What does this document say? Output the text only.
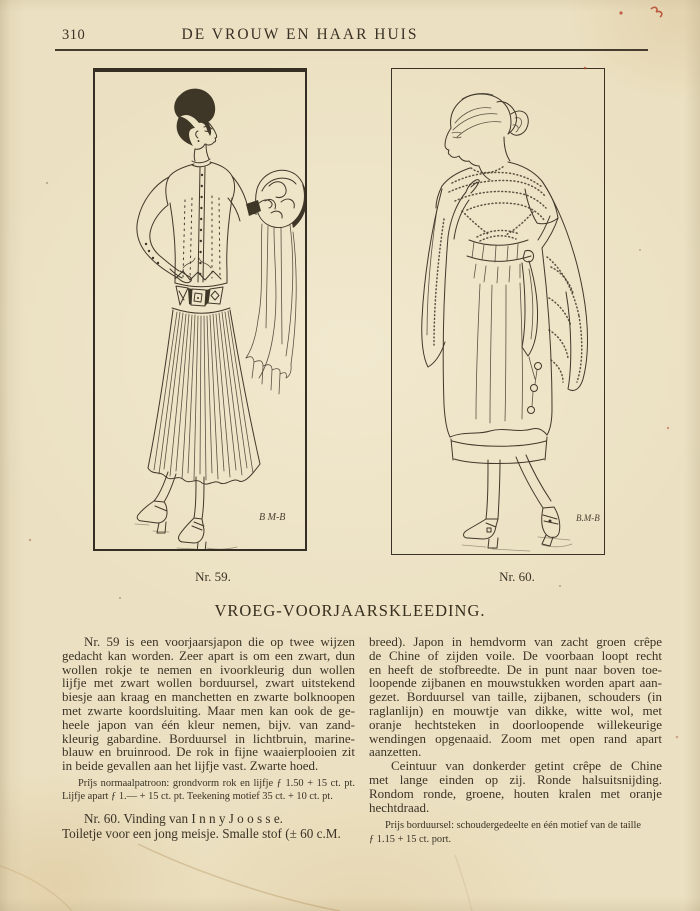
310	DE VROUW EN HAAR HUIS
B M-B	B.M-B
Nr. 59.	Nr. 60.
VROEG-VOORJAARSKLEEDING.
Nr. 59 is een voorjaarsjapon die op twee wijzen
gedacht kan worden. Zeer apart is om een zwart, dun
wollen rokje te nemen en ivoorkleurig dun wollen
lijfje met zwart wollen borduursel, zwart uitstekend
biesje aan kraag en manchetten en zwarte bolknoopen
met zwarte koordsluiting. Maar men kan ook de ge-
heele japon van één kleur nemen, bijv. van zand-
kleurig gabardine. Borduursel in lichtbruin, marine-
blauw en bruinrood. De rok in fijne waaierplooien zit
in beide gevallen aan het lijfje vast. Zwarte hoed.
Prijs normaalpatroon: grondvorm rok en lijfje ƒ 1.50 + 15 ct. pt.
Lijfje apart ƒ 1.— + 15 ct. pt. Teekening motief 35 ct. + 10 ct. pt.
Nr. 60. Vinding van I n n y J o o s s e.
Toiletje voor een jong meisje. Smalle stof (± 60 c.M.
breed). Japon in hemdvorm van zacht groen crêpe
de Chine of zijden voile. De voorbaan loopt recht
en heeft de stofbreedte. De in punt naar boven toe-
loopende zijbanen en mouwstukken worden apart aan-
gezet. Borduursel van taille, zijbanen, schouders (in
raglanlijn) en mouwtje van dikke, witte wol, met
oranje hechtsteken in doorloopende willekeurige
wendingen opgenaaid. Zoom met open rand apart
aanzetten.
Ceintuur van donkerder getint crêpe de Chine
met lange einden op zij. Ronde halsuitsnijding.
Rondom ronde, groene, houten kralen met oranje
hechtdraad.
Prijs borduursel: schoudergedeelte en één motief van de taille
ƒ 1.15 + 15 ct. port.
